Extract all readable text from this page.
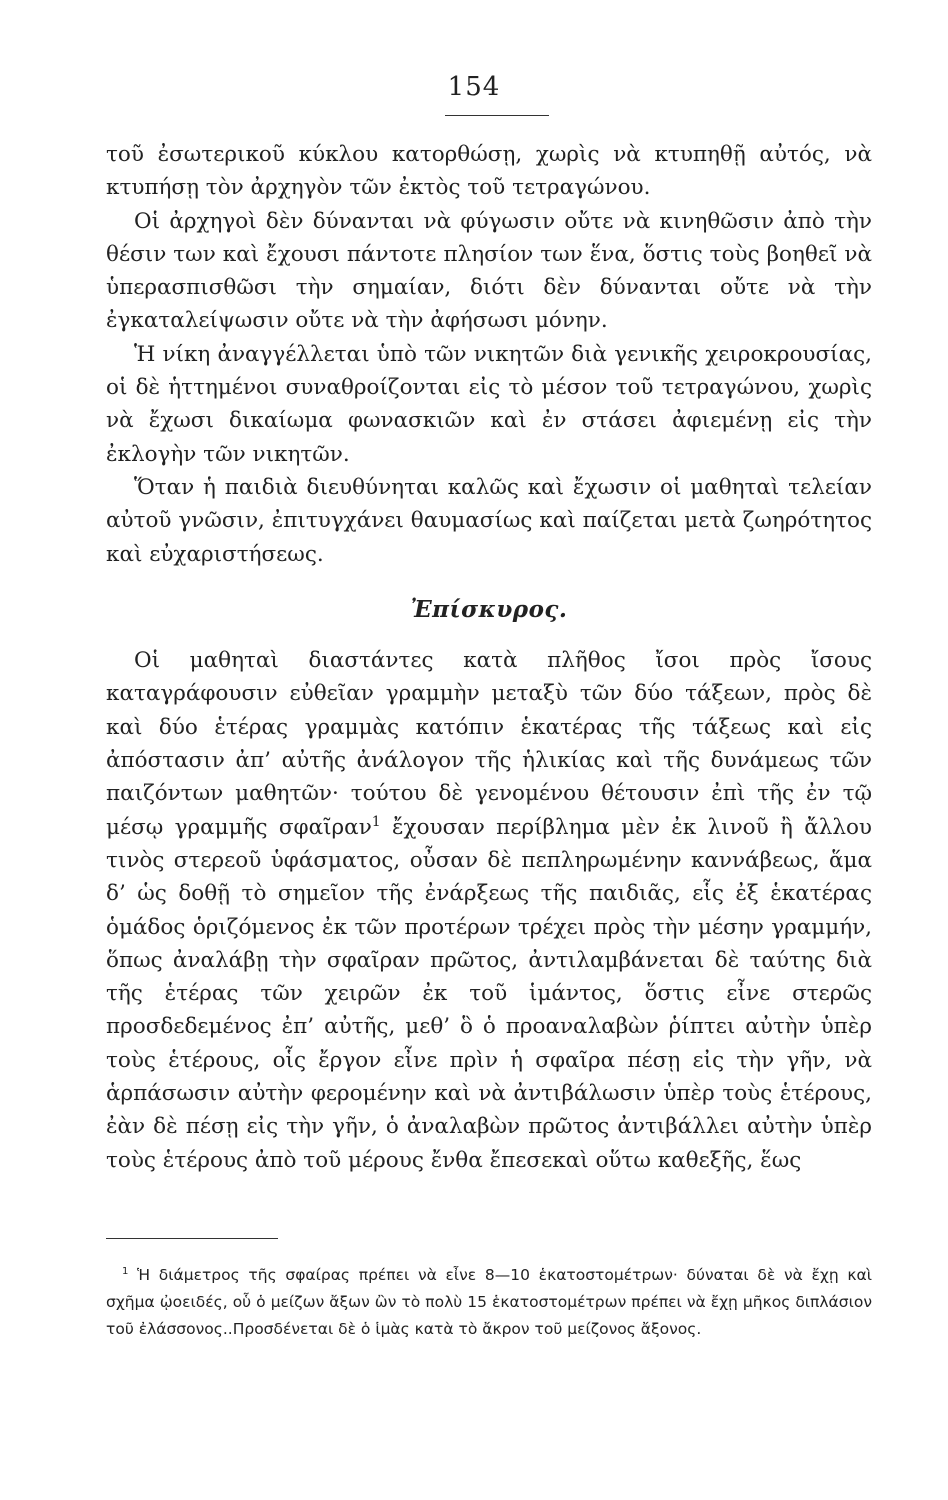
154

τοῦ ἐσωτερικοῦ κύκλου κατορθώσῃ, χωρὶς νὰ κτυπηθῇ αὐτός, νὰ κτυπήσῃ τὸν ἀρχηγὸν τῶν ἐκτὸς τοῦ τετραγώνου.

Οἱ ἀρχηγοὶ δὲν δύνανται νὰ φύγωσιν οὔτε νὰ κινηθῶσιν ἀπὸ τὴν θέσιν των καὶ ἔχουσι πάντοτε πλησίον των ἕνα, ὅστις τοὺς βοηθεῖ νὰ ὑπερασπισθῶσι τὴν σημαίαν, διότι δὲν δύνανται οὔτε νὰ τὴν ἐγκαταλείψωσιν οὔτε νὰ τὴν ἀφήσωσι μόνην.

Ἡ νίκη ἀναγγέλλεται ὑπὸ τῶν νικητῶν διὰ γενικῆς χειροκρουσίας, οἱ δὲ ἡττημένοι συναθροίζονται εἰς τὸ μέσον τοῦ τετραγώνου, χωρὶς νὰ ἔχωσι δικαίωμα φωνασκιῶν καὶ ἐν στάσει ἀφιεμένῃ εἰς τὴν ἐκλογὴν τῶν νικητῶν.

Ὅταν ἡ παιδιὰ διευθύνηται καλῶς καὶ ἔχωσιν οἱ μαθηταὶ τελείαν αὐτοῦ γνῶσιν, ἐπιτυγχάνει θαυμασίως καὶ παίζεται μετὰ ζωηρότητος καὶ εὐχαριστήσεως.

Ἐπίσκυρος.

Οἱ μαθηταὶ διαστάντες κατὰ πλῆθος ἴσοι πρὸς ἴσους καταγράφουσιν εὐθεῖαν γραμμὴν μεταξὺ τῶν δύο τάξεων, πρὸς δὲ καὶ δύο ἑτέρας γραμμὰς κατόπιν ἑκατέρας τῆς τάξεως καὶ εἰς ἀπόστασιν ἀπ’ αὐτῆς ἀνάλογον τῆς ἡλικίας καὶ τῆς δυνάμεως τῶν παιζόντων μαθητῶν· τούτου δὲ γενομένου θέτουσιν ἐπὶ τῆς ἐν τῷ μέσῳ γραμμῆς σφαῖραν$^1$ ἔχουσαν περίβλημα μὲν ἐκ λινοῦ ἢ ἄλλου τινὸς στερεοῦ ὑφάσματος, οὖσαν δὲ πεπληρωμένην καννάβεως, ἅμα δ’ ὡς δοθῇ τὸ σημεῖον τῆς ἐνάρξεως τῆς παιδιᾶς, εἷς ἐξ ἑκατέρας ὁμάδος ὁριζόμενος ἐκ τῶν προτέρων τρέχει πρὸς τὴν μέσην γραμμήν, ὅπως ἀναλάβῃ τὴν σφαῖραν πρῶτος, ἀντιλαμβάνεται δὲ ταύτης διὰ τῆς ἑτέρας τῶν χειρῶν ἐκ τοῦ ἱμάντος, ὅστις εἶνε στερῶς προσδεδεμένος ἐπ’ αὐτῆς, μεθ’ ὃ ὁ προαναλαβὼν ῥίπτει αὐτὴν ὑπὲρ τοὺς ἑτέρους, οἷς ἔργον εἶνε πρὶν ἡ σφαῖρα πέσῃ εἰς τὴν γῆν, νὰ ἁρπάσωσιν αὐτὴν φερομένην καὶ νὰ ἀντιβάλωσιν ὑπὲρ τοὺς ἑτέρους, ἐὰν δὲ πέσῃ εἰς τὴν γῆν, ὁ ἀναλαβὼν πρῶτος ἀντιβάλλει αὐτὴν ὑπὲρ τοὺς ἑτέρους ἀπὸ τοῦ μέρους ἔνθα ἔπεσεκαὶ οὕτω καθεξῆς, ἕως

$^1$ Ἡ διάμετρος τῆς σφαίρας πρέπει νὰ εἶνε 8—10 ἑκατοστομέτρων· δύναται δὲ νὰ ἔχῃ καὶ σχῆμα ᾠοειδές, οὗ ὁ μείζων ἄξων ὢν τὸ πολὺ 15 ἑκατοστομέτρων πρέπει νὰ ἔχῃ μῆκος διπλάσιον τοῦ ἐλάσσονος..Προσδένεται δὲ ὁ ἱμὰς κατὰ τὸ ἄκρον τοῦ μείζονος ἄξονος.
